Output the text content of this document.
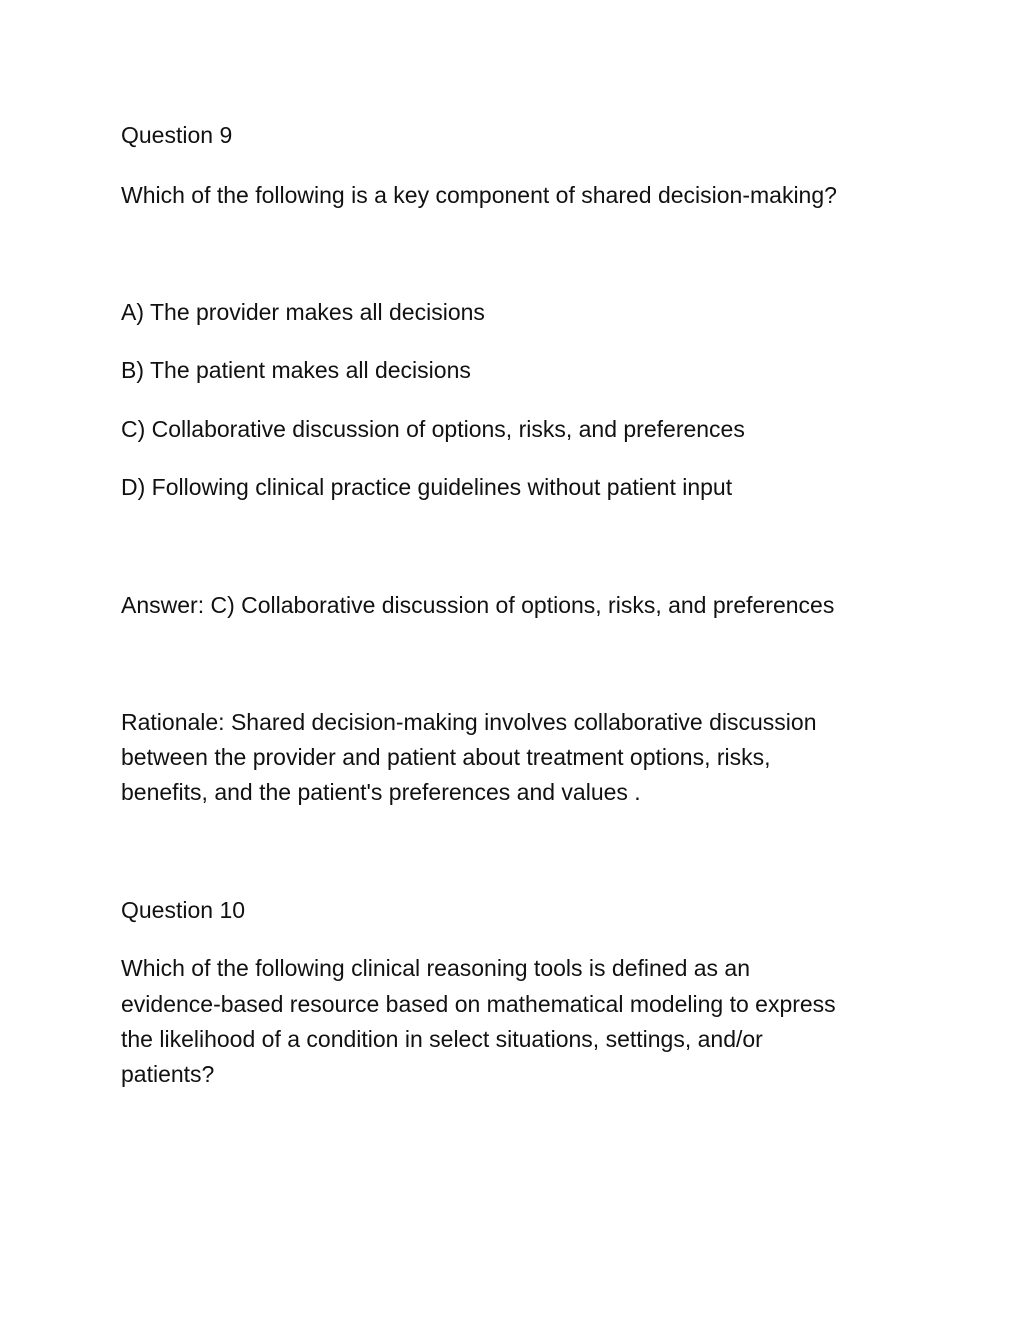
Question 9
Which of the following is a key component of shared decision-making?
A) The provider makes all decisions
B) The patient makes all decisions
C) Collaborative discussion of options, risks, and preferences
D) Following clinical practice guidelines without patient input
Answer: C) Collaborative discussion of options, risks, and preferences
Rationale: Shared decision-making involves collaborative discussion
between the provider and patient about treatment options, risks,
benefits, and the patient's preferences and values .
Question 10
Which of the following clinical reasoning tools is defined as an
evidence-based resource based on mathematical modeling to express
the likelihood of a condition in select situations, settings, and/or
patients?
